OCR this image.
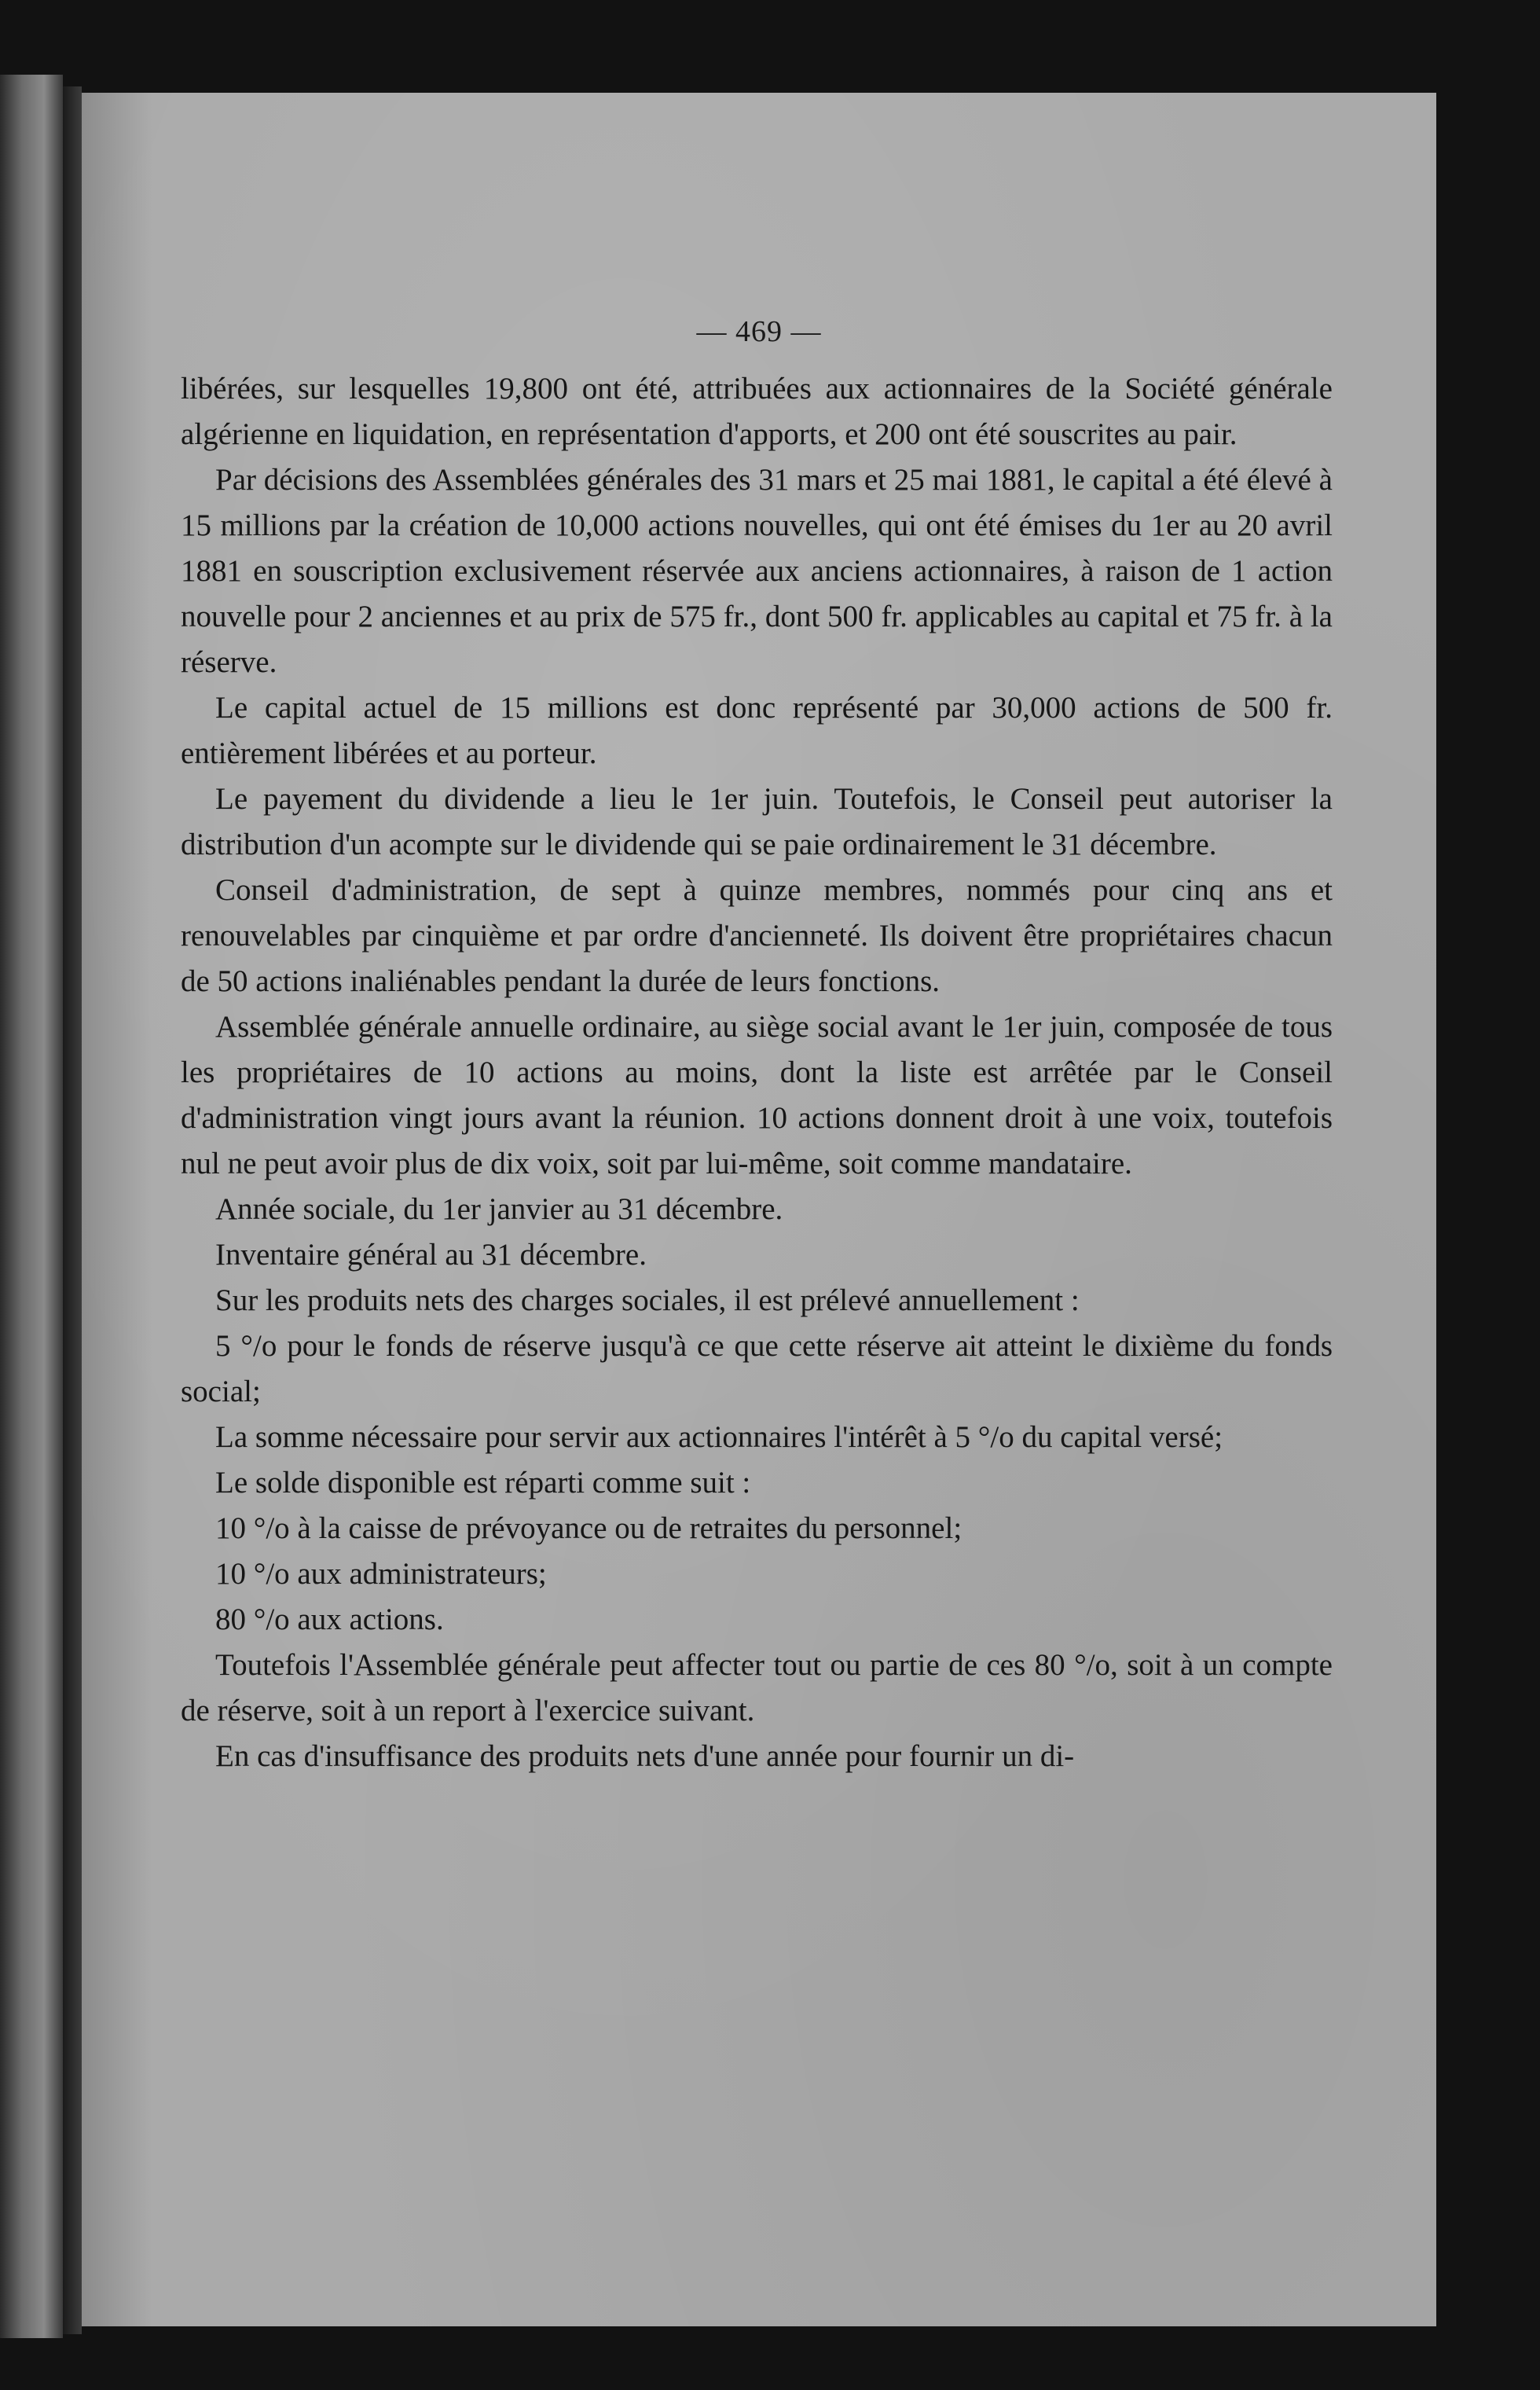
— 469 —

libérées, sur lesquelles 19,800 ont été, attribuées aux actionnaires de la Société générale algérienne en liquidation, en représentation d'apports, et 200 ont été souscrites au pair.

Par décisions des Assemblées générales des 31 mars et 25 mai 1881, le capital a été élevé à 15 millions par la création de 10,000 actions nouvelles, qui ont été émises du 1er au 20 avril 1881 en souscription exclusivement réservée aux anciens actionnaires, à raison de 1 action nouvelle pour 2 anciennes et au prix de 575 fr., dont 500 fr. applicables au capital et 75 fr. à la réserve.

Le capital actuel de 15 millions est donc représenté par 30,000 actions de 500 fr. entièrement libérées et au porteur.

Le payement du dividende a lieu le 1er juin. Toutefois, le Conseil peut autoriser la distribution d'un acompte sur le dividende qui se paie ordinairement le 31 décembre.

Conseil d'administration, de sept à quinze membres, nommés pour cinq ans et renouvelables par cinquième et par ordre d'ancienneté. Ils doivent être propriétaires chacun de 50 actions inaliénables pendant la durée de leurs fonctions.

Assemblée générale annuelle ordinaire, au siège social avant le 1er juin, composée de tous les propriétaires de 10 actions au moins, dont la liste est arrêtée par le Conseil d'administration vingt jours avant la réunion. 10 actions donnent droit à une voix, toutefois nul ne peut avoir plus de dix voix, soit par lui-même, soit comme mandataire.

Année sociale, du 1er janvier au 31 décembre.

Inventaire général au 31 décembre.

Sur les produits nets des charges sociales, il est prélevé annuellement :

5 °/o pour le fonds de réserve jusqu'à ce que cette réserve ait atteint le dixième du fonds social;

La somme nécessaire pour servir aux actionnaires l'intérêt à 5 °/o du capital versé;

Le solde disponible est réparti comme suit :

10 °/o à la caisse de prévoyance ou de retraites du personnel;

10 °/o aux administrateurs;

80 °/o aux actions.

Toutefois l'Assemblée générale peut affecter tout ou partie de ces 80 °/o, soit à un compte de réserve, soit à un report à l'exercice suivant.

En cas d'insuffisance des produits nets d'une année pour fournir un di-
